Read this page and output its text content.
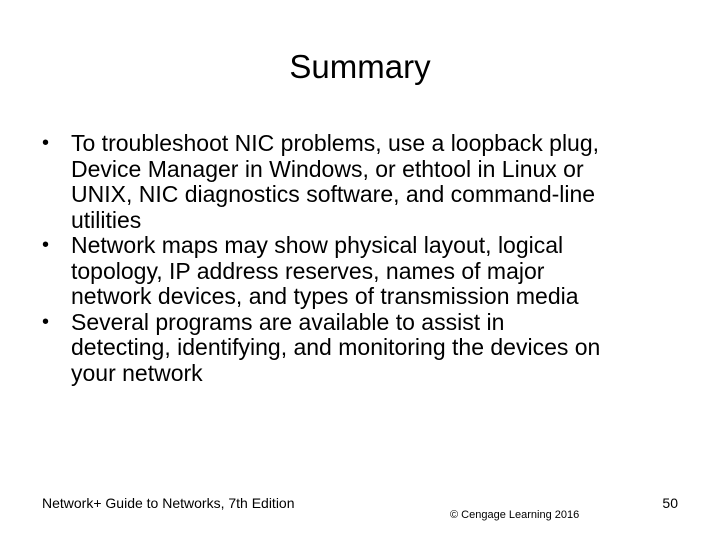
Summary
• To troubleshoot NIC problems, use a loopback plug,
Device Manager in Windows, or ethtool in Linux or
UNIX, NIC diagnostics software, and command-line
utilities
• Network maps may show physical layout, logical
topology, IP address reserves, names of major
network devices, and types of transmission media
• Several programs are available to assist in
detecting, identifying, and monitoring the devices on
your network
Network+ Guide to Networks, 7th Edition
© Cengage Learning 2016
50
